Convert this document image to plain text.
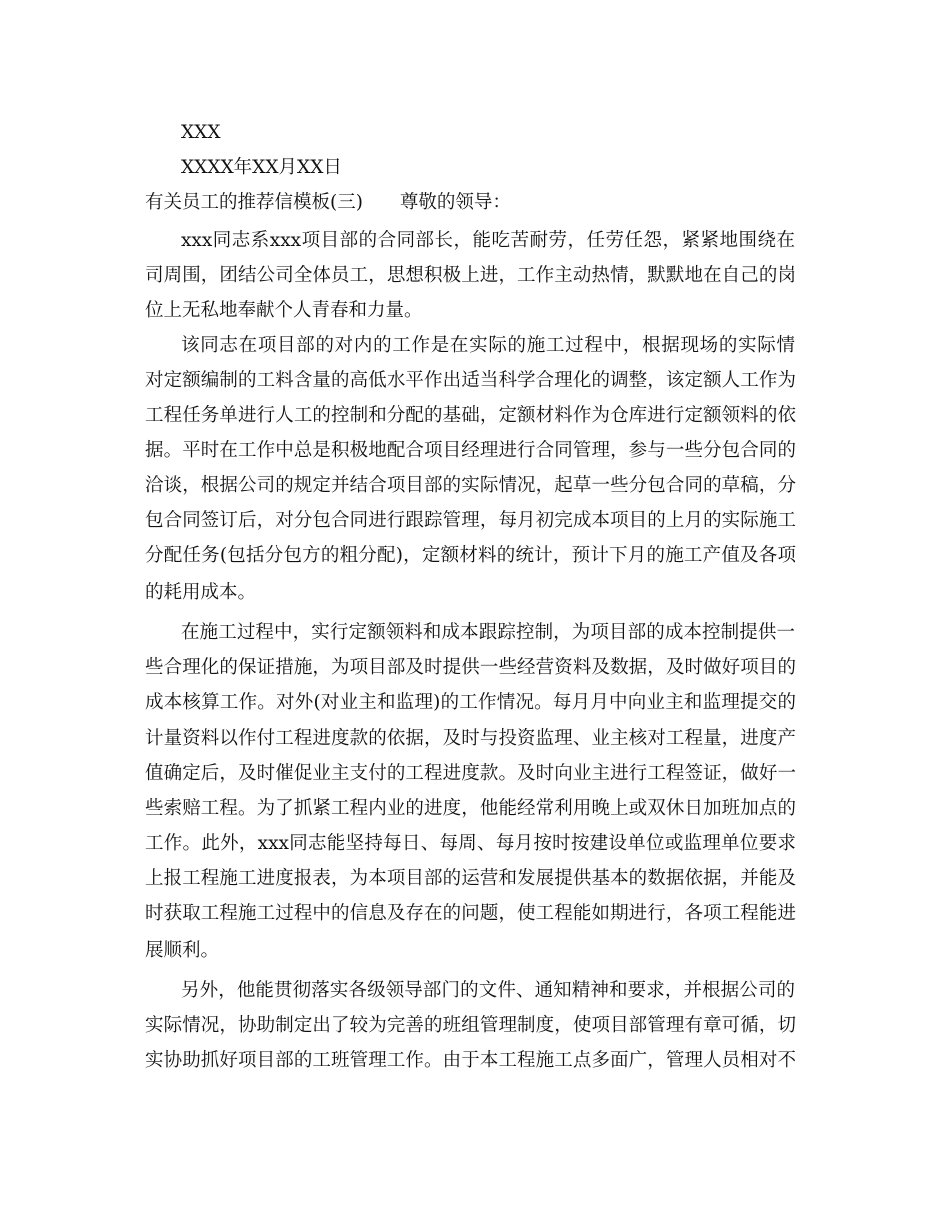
XXX
XXXX年XX月XX日
有关员工的推荐信模板(三)　　尊敬的领导：
xxx同志系xxx项目部的合同部长，能吃苦耐劳，任劳任怨，紧紧地围绕在
司周围，团结公司全体员工，思想积极上进，工作主动热情，默默地在自己的岗
位上无私地奉献个人青春和力量。
该同志在项目部的对内的工作是在实际的施工过程中，根据现场的实际情
对定额编制的工料含量的高低水平作出适当科学合理化的调整，该定额人工作为
工程任务单进行人工的控制和分配的基础，定额材料作为仓库进行定额领料的依
据。平时在工作中总是积极地配合项目经理进行合同管理，参与一些分包合同的
洽谈，根据公司的规定并结合项目部的实际情况，起草一些分包合同的草稿，分
包合同签订后，对分包合同进行跟踪管理，每月初完成本项目的上月的实际施工
分配任务(包括分包方的粗分配)，定额材料的统计，预计下月的施工产值及各项
的耗用成本。
在施工过程中，实行定额领料和成本跟踪控制，为项目部的成本控制提供一
些合理化的保证措施，为项目部及时提供一些经营资料及数据，及时做好项目的
成本核算工作。对外(对业主和监理)的工作情况。每月月中向业主和监理提交的
计量资料以作付工程进度款的依据，及时与投资监理、业主核对工程量，进度产
值确定后，及时催促业主支付的工程进度款。及时向业主进行工程签证，做好一
些索赔工程。为了抓紧工程内业的进度，他能经常利用晚上或双休日加班加点的
工作。此外，xxx同志能坚持每日、每周、每月按时按建设单位或监理单位要求
上报工程施工进度报表，为本项目部的运营和发展提供基本的数据依据，并能及
时获取工程施工过程中的信息及存在的问题，使工程能如期进行，各项工程能进
展顺利。
另外，他能贯彻落实各级领导部门的文件、通知精神和要求，并根据公司的
实际情况，协助制定出了较为完善的班组管理制度，使项目部管理有章可循，切
实协助抓好项目部的工班管理工作。由于本工程施工点多面广，管理人员相对不
